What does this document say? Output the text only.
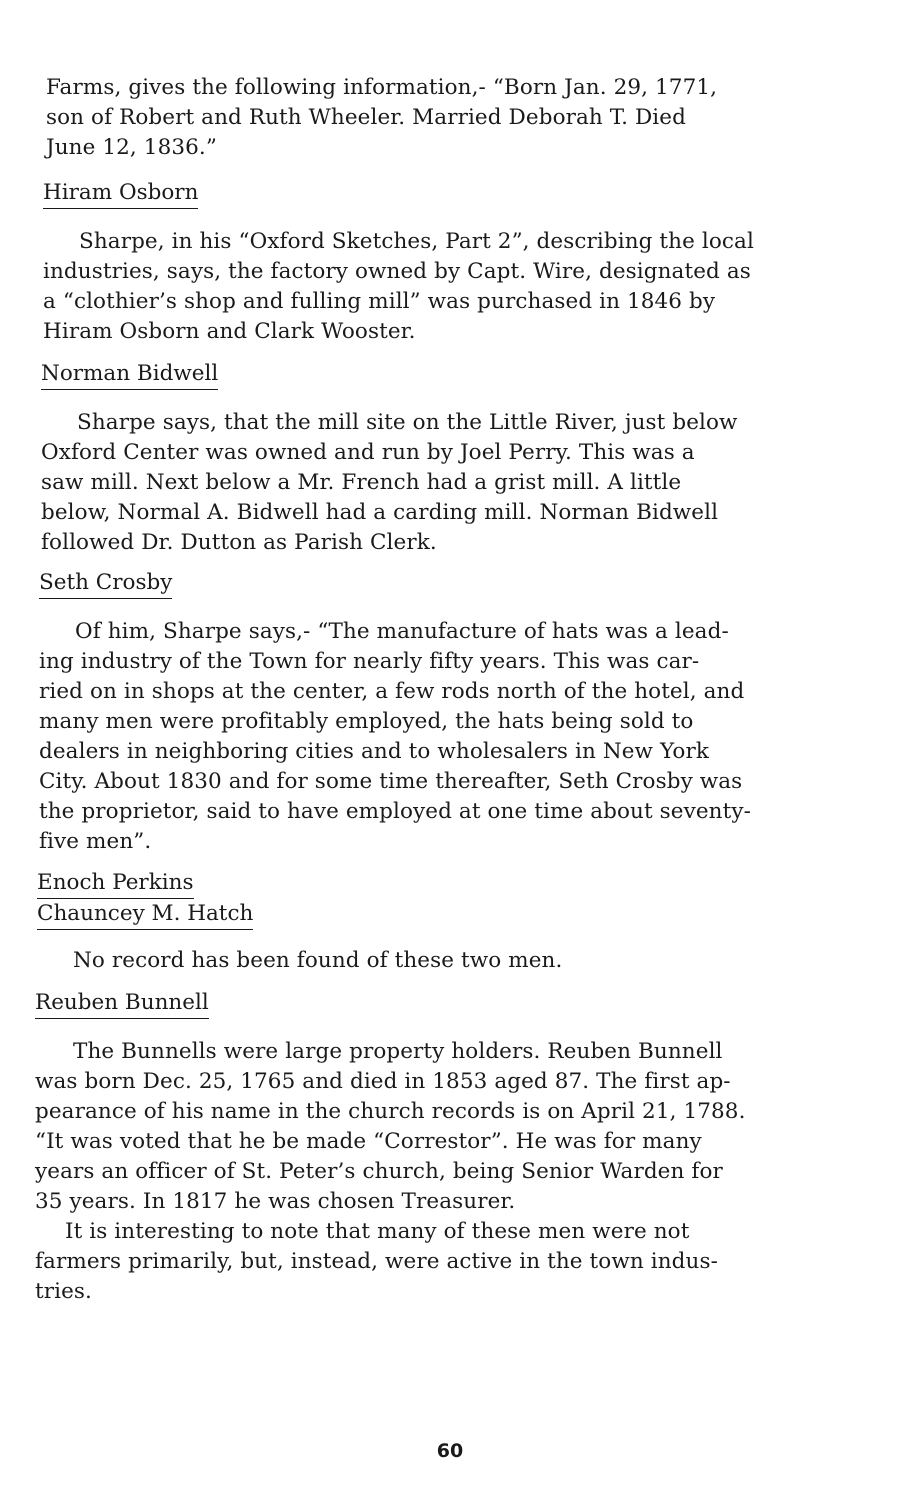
Farms, gives the following information,- “Born Jan. 29, 1771,
son of Robert and Ruth Wheeler. Married Deborah T. Died
June 12, 1836.”
Hiram Osborn
Sharpe, in his “Oxford Sketches, Part 2”, describing the local
industries, says, the factory owned by Capt. Wire, designated as
a “clothier’s shop and fulling mill” was purchased in 1846 by
Hiram Osborn and Clark Wooster.
Norman Bidwell
Sharpe says, that the mill site on the Little River, just below
Oxford Center was owned and run by Joel Perry. This was a
saw mill. Next below a Mr. French had a grist mill. A little
below, Normal A. Bidwell had a carding mill. Norman Bidwell
followed Dr. Dutton as Parish Clerk.
Seth Crosby
Of him, Sharpe says,- “The manufacture of hats was a lead-
ing industry of the Town for nearly fifty years. This was car-
ried on in shops at the center, a few rods north of the hotel, and
many men were profitably employed, the hats being sold to
dealers in neighboring cities and to wholesalers in New York
City. About 1830 and for some time thereafter, Seth Crosby was
the proprietor, said to have employed at one time about seventy-
five men”.
Enoch Perkins
Chauncey M. Hatch
No record has been found of these two men.
Reuben Bunnell
The Bunnells were large property holders. Reuben Bunnell
was born Dec. 25, 1765 and died in 1853 aged 87. The first ap-
pearance of his name in the church records is on April 21, 1788.
“It was voted that he be made “Correstor”. He was for many
years an officer of St. Peter’s church, being Senior Warden for
35 years. In 1817 he was chosen Treasurer.
It is interesting to note that many of these men were not
farmers primarily, but, instead, were active in the town indus-
tries.
60
